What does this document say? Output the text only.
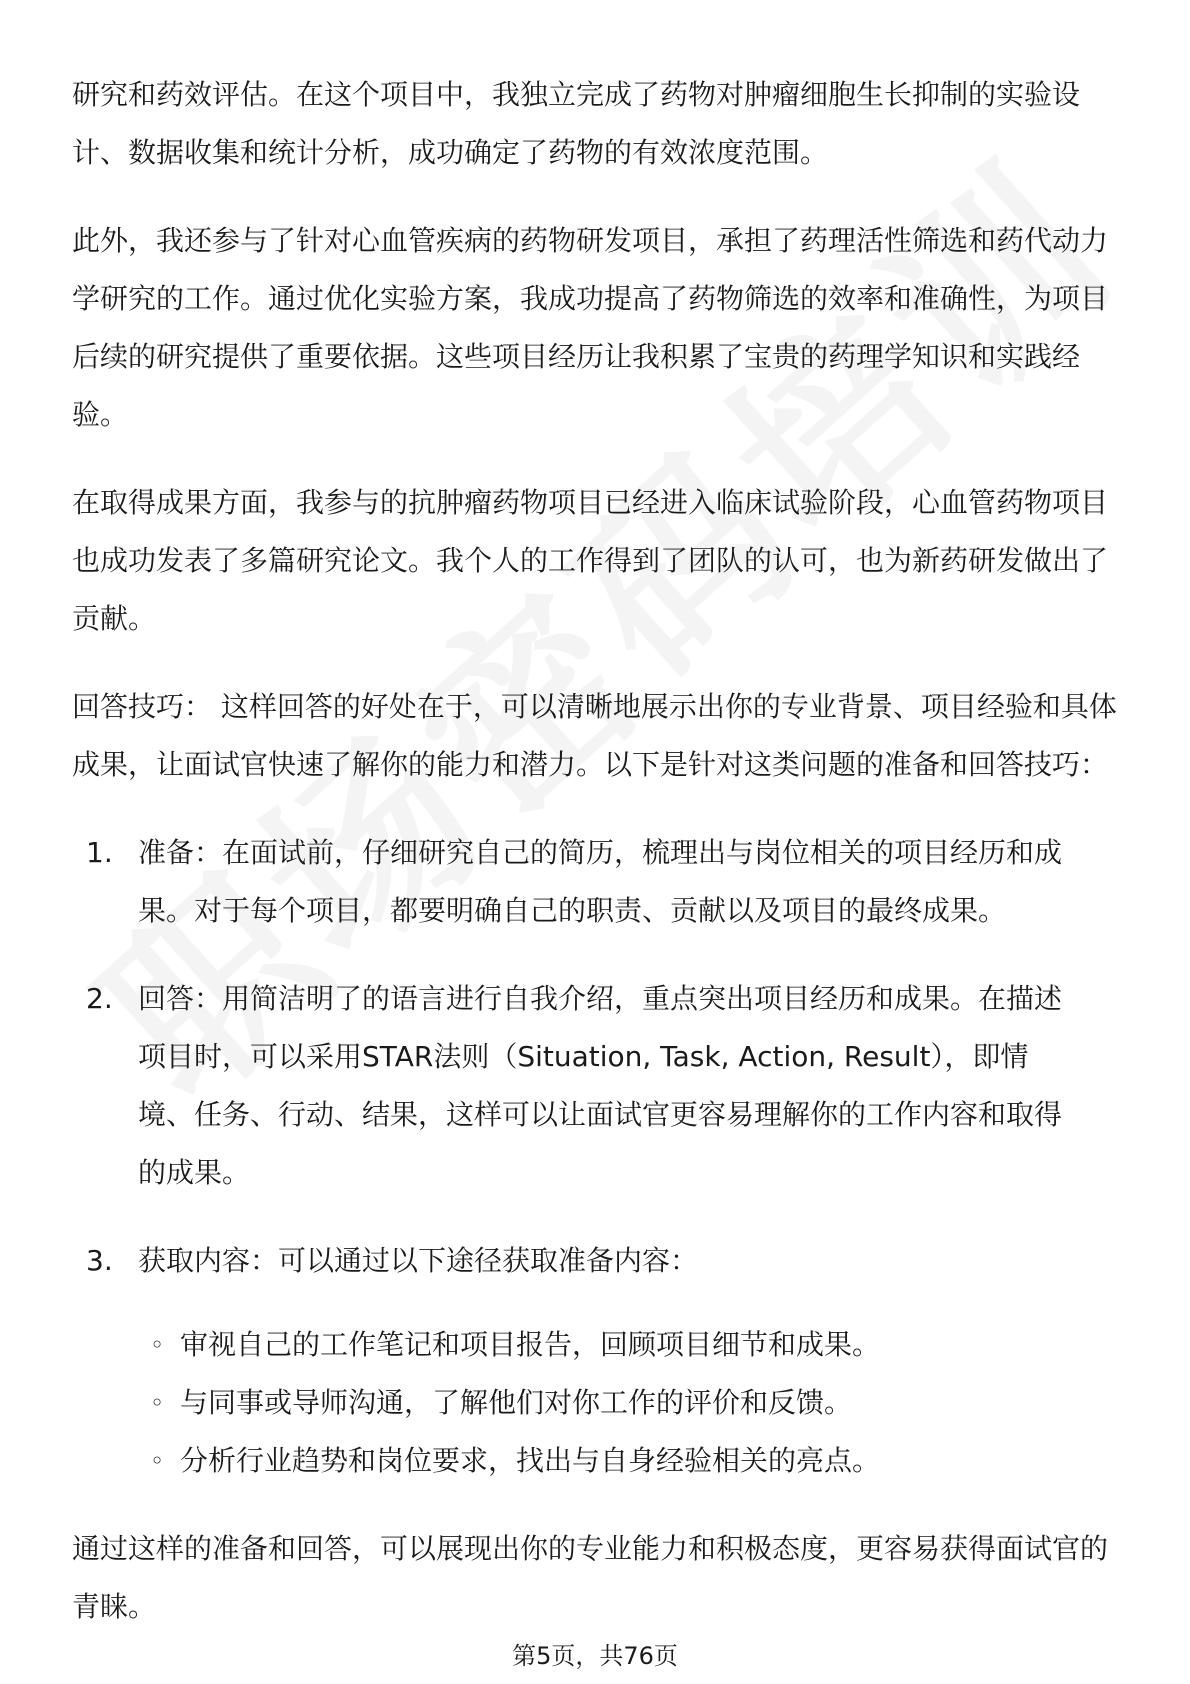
研究和药效评估。在这个项目中，我独立完成了药物对肿瘤细胞生长抑制的实验设计、数据收集和统计分析，成功确定了药物的有效浓度范围。

此外，我还参与了针对心血管疾病的药物研发项目，承担了药理活性筛选和药代动力学研究的工作。通过优化实验方案，我成功提高了药物筛选的效率和准确性，为项目后续的研究提供了重要依据。这些项目经历让我积累了宝贵的药理学知识和实践经验。

在取得成果方面，我参与的抗肿瘤药物项目已经进入临床试验阶段，心血管药物项目也成功发表了多篇研究论文。我个人的工作得到了团队的认可，也为新药研发做出了贡献。

回答技巧： 这样回答的好处在于，可以清晰地展示出你的专业背景、项目经验和具体成果，让面试官快速了解你的能力和潜力。以下是针对这类问题的准备和回答技巧：

1. 准备：在面试前，仔细研究自己的简历，梳理出与岗位相关的项目经历和成果。对于每个项目，都要明确自己的职责、贡献以及项目的最终成果。
2. 回答：用简洁明了的语言进行自我介绍，重点突出项目经历和成果。在描述项目时，可以采用STAR法则（Situation, Task, Action, Result），即情境、任务、行动、结果，这样可以让面试官更容易理解你的工作内容和取得的成果。
3. 获取内容：可以通过以下途径获取准备内容：
◦ 审视自己的工作笔记和项目报告，回顾项目细节和成果。
◦ 与同事或导师沟通，了解他们对你工作的评价和反馈。
◦ 分析行业趋势和岗位要求，找出与自身经验相关的亮点。

通过这样的准备和回答，可以展现出你的专业能力和积极态度，更容易获得面试官的青睐。

第5页，共76页
